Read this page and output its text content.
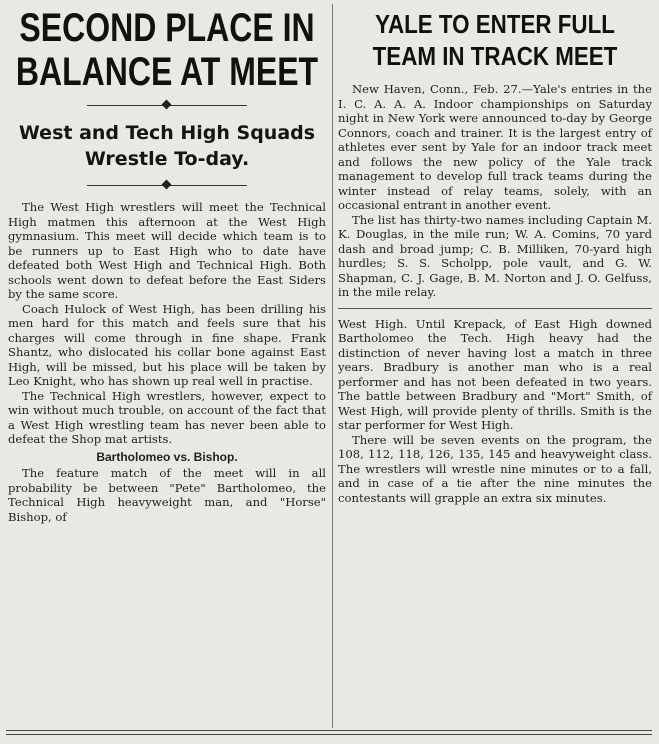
SECOND PLACE IN
BALANCE AT MEET
West and Tech High Squads
Wrestle To-day.

The West High wrestlers will meet the Technical High matmen this afternoon at the West High gymnasium. This meet will decide which team is to be runners up to East High who to date have defeated both West High and Technical High. Both schools went down to defeat before the East Siders by the same score.

Coach Hulock of West High, has been drilling his men hard for this match and feels sure that his charges will come through in fine shape. Frank Shantz, who dislocated his collar bone against East High, will be missed, but his place will be taken by Leo Knight, who has shown up real well in practise.

The Technical High wrestlers, however, expect to win without much trouble, on account of the fact that a West High wrestling team has never been able to defeat the Shop mat artists.

Bartholomeo vs. Bishop.

The feature match of the meet will in all probability be between "Pete" Bartholomeo, the Technical High heavyweight man, and "Horse" Bishop, of

YALE TO ENTER FULL
TEAM IN TRACK MEET

New Haven, Conn., Feb. 27.—Yale's entries in the I. C. A. A. A. Indoor championships on Saturday night in New York were announced to-day by George Connors, coach and trainer. It is the largest entry of athletes ever sent by Yale for an indoor track meet and follows the new policy of the Yale track management to develop full track teams during the winter instead of relay teams, solely, with an occasional entrant in another event.

The list has thirty-two names including Captain M. K. Douglas, in the mile run; W. A. Comins, 70 yard dash and broad jump; C. B. Milliken, 70-yard high hurdles; S. S. Scholpp, pole vault, and G. W. Shapman, C. J. Gage, B. M. Norton and J. O. Gelfuss, in the mile relay.

West High. Until Krepack, of East High downed Bartholomeo the Tech. High heavy had the distinction of never having lost a match in three years. Bradbury is another man who is a real performer and has not been defeated in two years. The battle between Bradbury and "Mort" Smith, of West High, will provide plenty of thrills. Smith is the star performer for West High.

There will be seven events on the program, the 108, 112, 118, 126, 135, 145 and heavyweight class. The wrestlers will wrestle nine minutes or to a fall, and in case of a tie after the nine minutes the contestants will grapple an extra six minutes.
